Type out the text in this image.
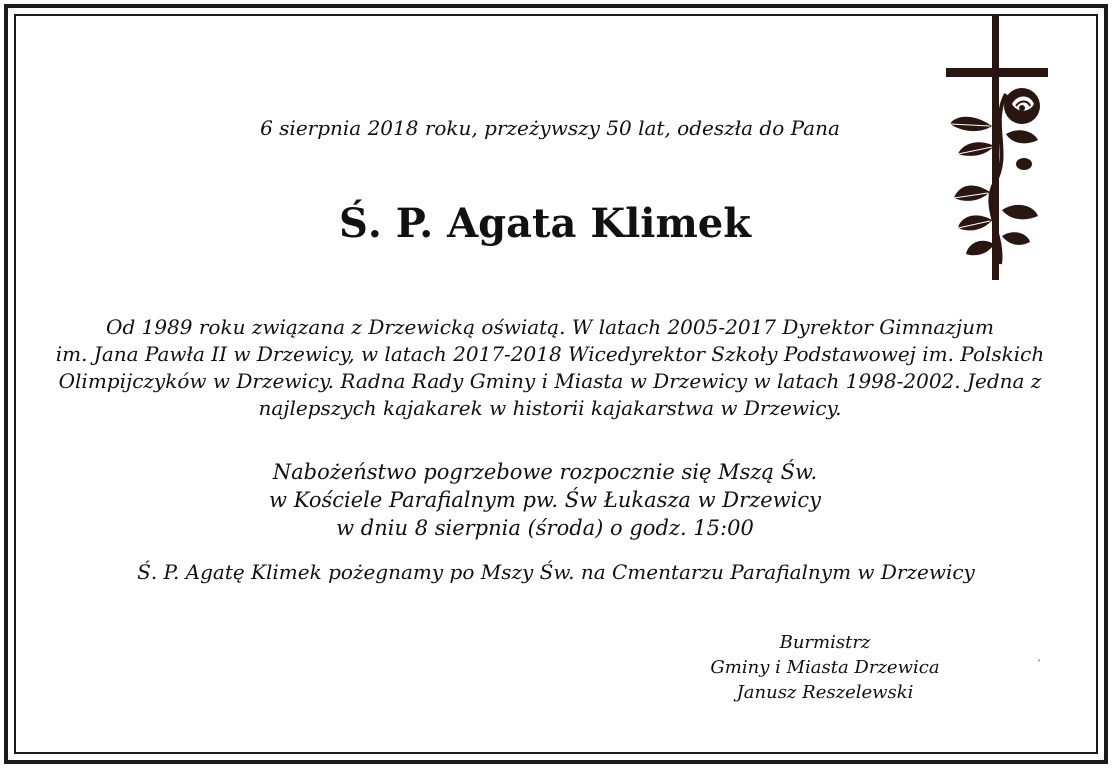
6 sierpnia 2018 roku, przeżywszy 50 lat, odeszła do Pana
Ś. P. Agata Klimek
Od 1989 roku związana z Drzewicką oświatą. W latach 2005-2017 Dyrektor Gimnazjum
im. Jana Pawła II w Drzewicy, w latach 2017-2018 Wicedyrektor Szkoły Podstawowej im. Polskich
Olimpijczyków w Drzewicy. Radna Rady Gminy i Miasta w Drzewicy w latach 1998-2002. Jedna z
najlepszych kajakarek w historii kajakarstwa w Drzewicy.
Nabożeństwo pogrzebowe rozpocznie się Mszą Św.
w Kościele Parafialnym pw. Św Łukasza w Drzewicy
w dniu 8 sierpnia (środa) o godz. 15:00
Ś. P. Agatę Klimek pożegnamy po Mszy Św. na Cmentarzu Parafialnym w Drzewicy
Burmistrz
Gminy i Miasta Drzewica
Janusz Reszelewski
´
